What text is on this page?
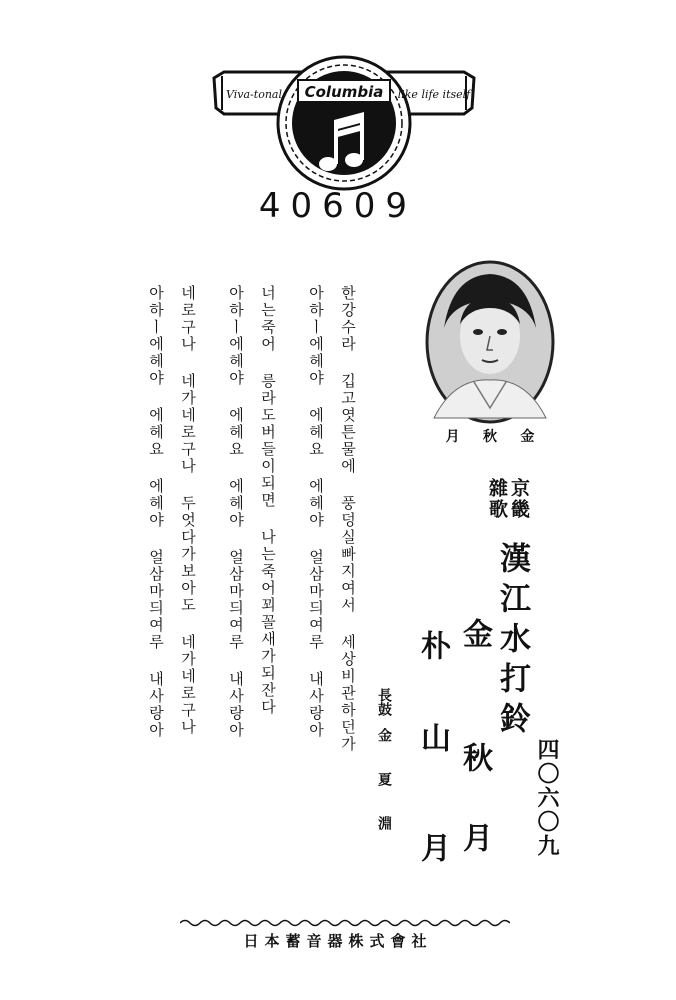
Columbia
Viva-tonal	like life itself
40609
月 秋 金
한강수라 깁고엿튼물에 풍덩실빠지여서 세상비관하던가
아하ㅣ에헤야 에헤요 에헤야 얼삼마듸여루 내사랑아
너는죽어 릉라도버들이되면 나는죽어꾀꼴새가되잔다
아하ㅣ에헤야 에헤요 에헤야 얼삼마듸여루 내사랑아
네로구나 네가네로구나 두엇다가보아도 네가네로구나
아하ㅣ에헤야 에헤요 에헤야 얼삼마듸여루 내사랑아	京畿
雜歌
漢江水打鈴
金
秋月
朴
山月
長鼓
金夏淵	四〇六〇九
日本蓄音器株式會社
